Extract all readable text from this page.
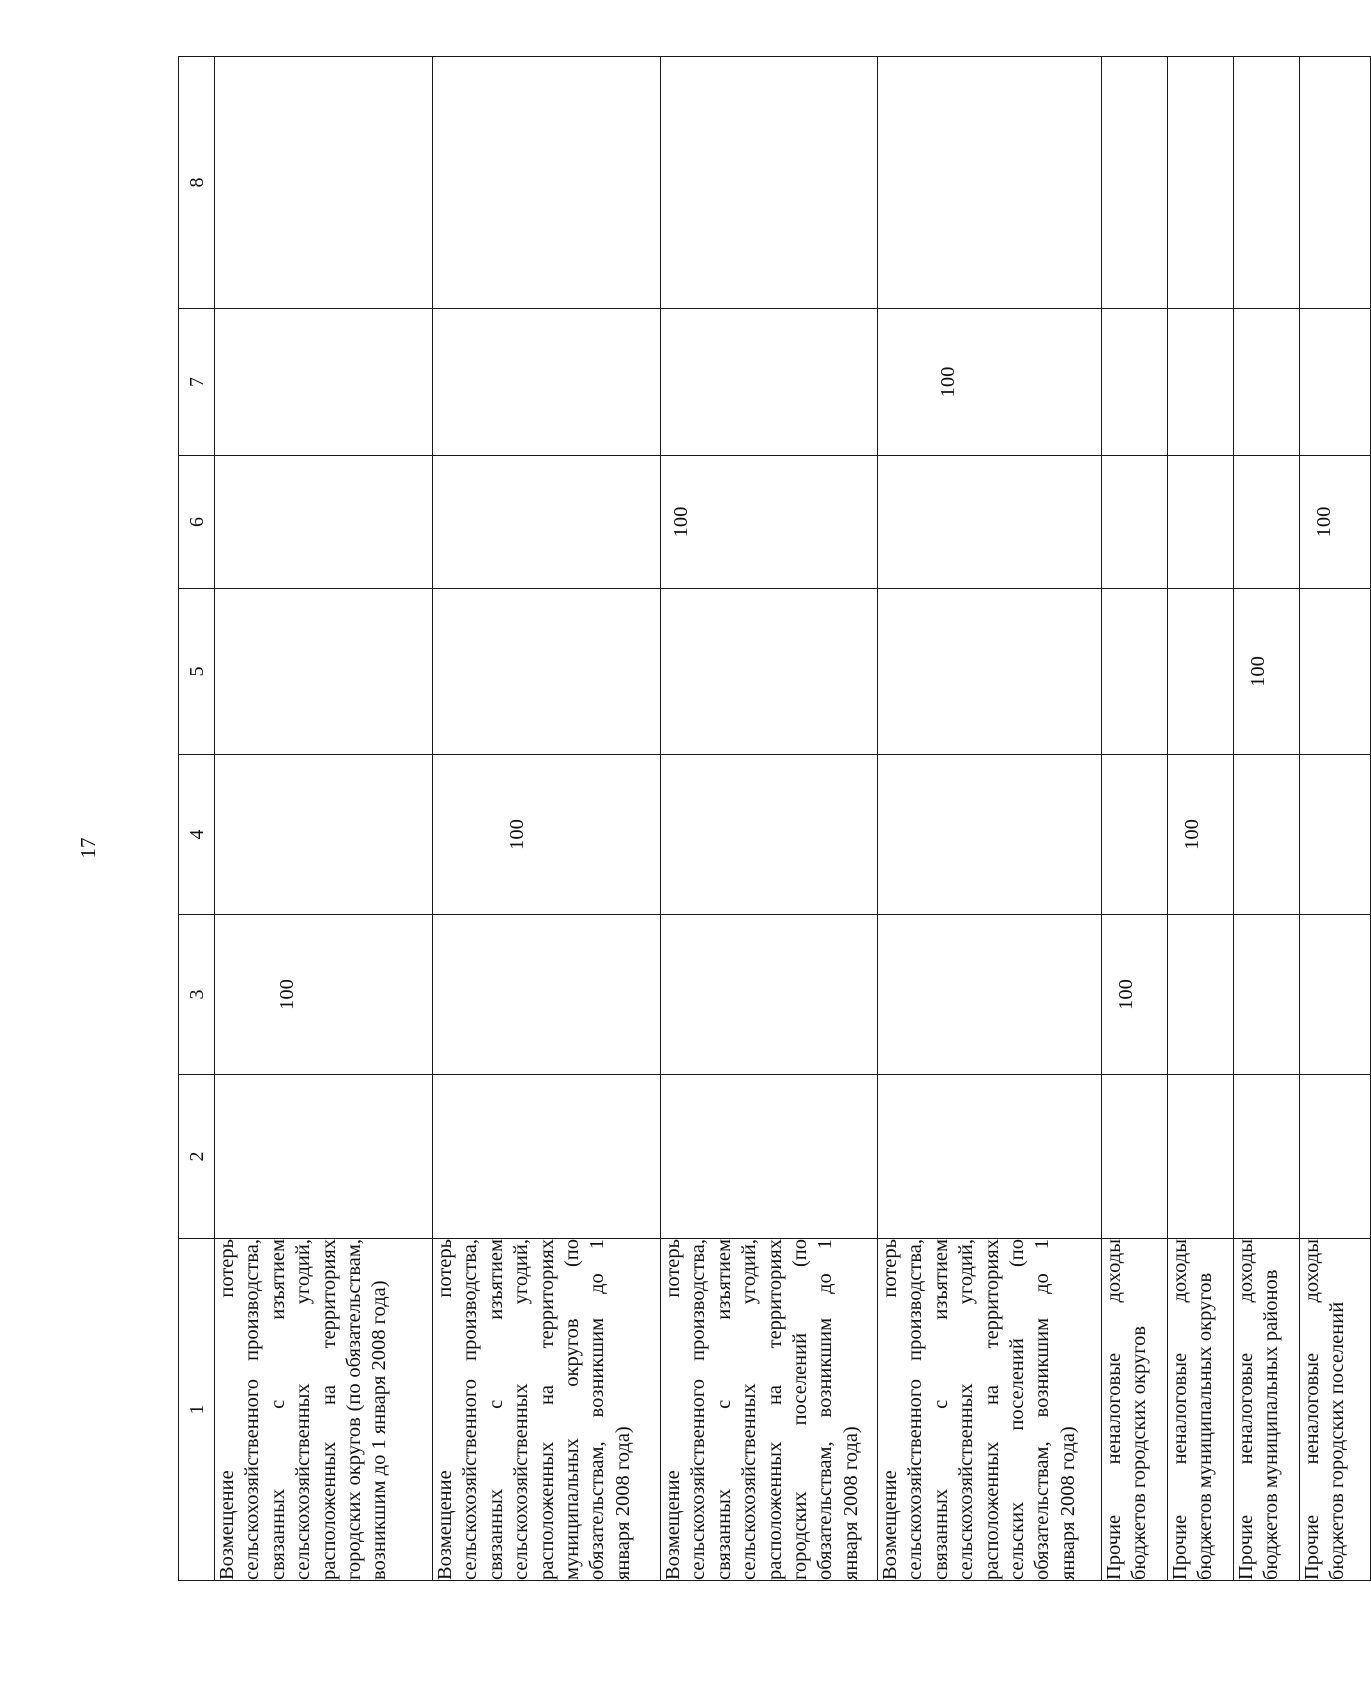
17
1	2	3	4	5	6	7	8

Возмещение потерь сельскохозяйственного производства, связанных с изъятием сельскохозяйственных угодий, расположенных на территориях городских округов (по обязательствам, возникшим до 1 января 2008 года)		100					

Возмещение потерь сельскохозяйственного производства, связанных с изъятием сельскохозяйственных угодий, расположенных на территориях муниципальных округов (по обязательствам, возникшим до 1 января 2008 года)			100				

Возмещение потерь сельскохозяйственного производства, связанных с изъятием сельскохозяйственных угодий, расположенных на территориях городских поселений (по обязательствам, возникшим до 1 января 2008 года)					100		

Возмещение потерь сельскохозяйственного производства, связанных с изъятием сельскохозяйственных угодий, расположенных на территориях сельских поселений (по обязательствам, возникшим до 1 января 2008 года)						100	

Прочие неналоговые доходы бюджетов городских округов		100					

Прочие неналоговые доходы бюджетов муниципальных округов			100				

Прочие неналоговые доходы бюджетов муниципальных районов				100			

Прочие неналоговые доходы бюджетов городских поселений					100		
